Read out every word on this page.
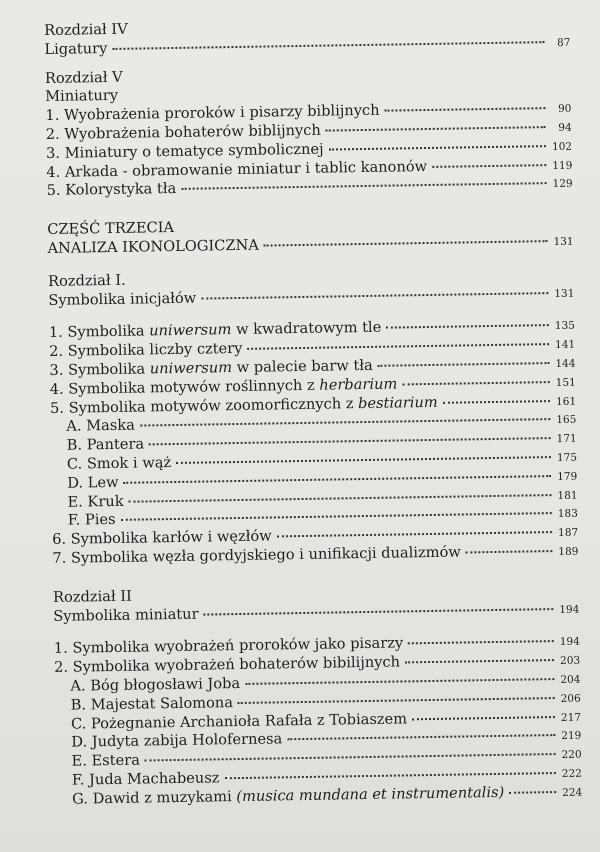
Rozdział IV
Ligatury	87
Rozdział V
Miniatury
1. Wyobrażenia proroków i pisarzy biblijnych	90
2. Wyobrażenia bohaterów biblijnych	94
3. Miniatury o tematyce symbolicznej	102
4. Arkada - obramowanie miniatur i tablic kanonów	119
5. Kolorystyka tła	129
CZĘŚĆ TRZECIA
ANALIZA IKONOLOGICZNA	131
Rozdział I.
Symbolika inicjałów	131
1. Symbolika uniwersum w kwadratowym tle	135
2. Symbolika liczby cztery	141
3. Symbolika uniwersum w palecie barw tła	144
4. Symbolika motywów roślinnych z herbarium	151
5. Symbolika motywów zoomorficznych z bestiarium	161
A. Maska	165
B. Pantera	171
C. Smok i wąż	175
D. Lew	179
E. Kruk	181
F. Pies	183
6. Symbolika karłów i węzłów	187
7. Symbolika węzła gordyjskiego i unifikacji dualizmów	189
Rozdział II
Symbolika miniatur	194
1. Symbolika wyobrażeń proroków jako pisarzy	194
2. Symbolika wyobrażeń bohaterów bibilijnych	203
A. Bóg błogosławi Joba	204
B. Majestat Salomona	206
C. Pożegnanie Archanioła Rafała z Tobiaszem	217
D. Judyta zabija Holofernesa	219
E. Estera	220
F. Juda Machabeusz	222
G. Dawid z muzykami (musica mundana et instrumentalis)	224
